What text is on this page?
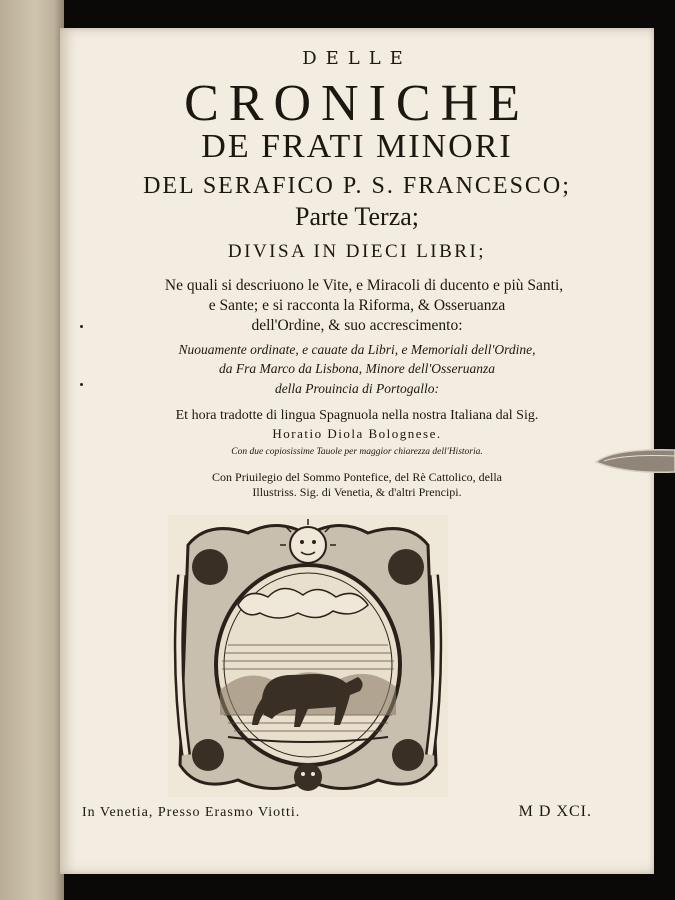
DELLE
CRONICHE
DE FRATI MINORI
DEL SERAFICO P. S. FRANCESCO;
Parte Terza;
DIVISA IN DIECI LIBRI;
Ne quali si descriuono le Vite, e Miracoli di ducento e più Santi,
e Sante; e si racconta la Riforma, & Osseruanza
dell'Ordine, & suo accrescimento:
Nuouamente ordinate, e cauate da Libri, e Memoriali dell'Ordine,
da Fra Marco da Lisbona, Minore dell'Osseruanza
della Prouincia di Portogallo:
Et hora tradotte di lingua Spagnuola nella nostra Italiana dal Sig.
Horatio Diola Bolognese.
Con due copiosissime Tauole per maggior chiarezza dell'Historia.
Con Priuilegio del Sommo Pontefice, del Rè Cattolico, della
Illustriss. Sig. di Venetia, & d'altri Prencipi.
In Venetia, Presso Erasmo Viotti.	M D XCI.
